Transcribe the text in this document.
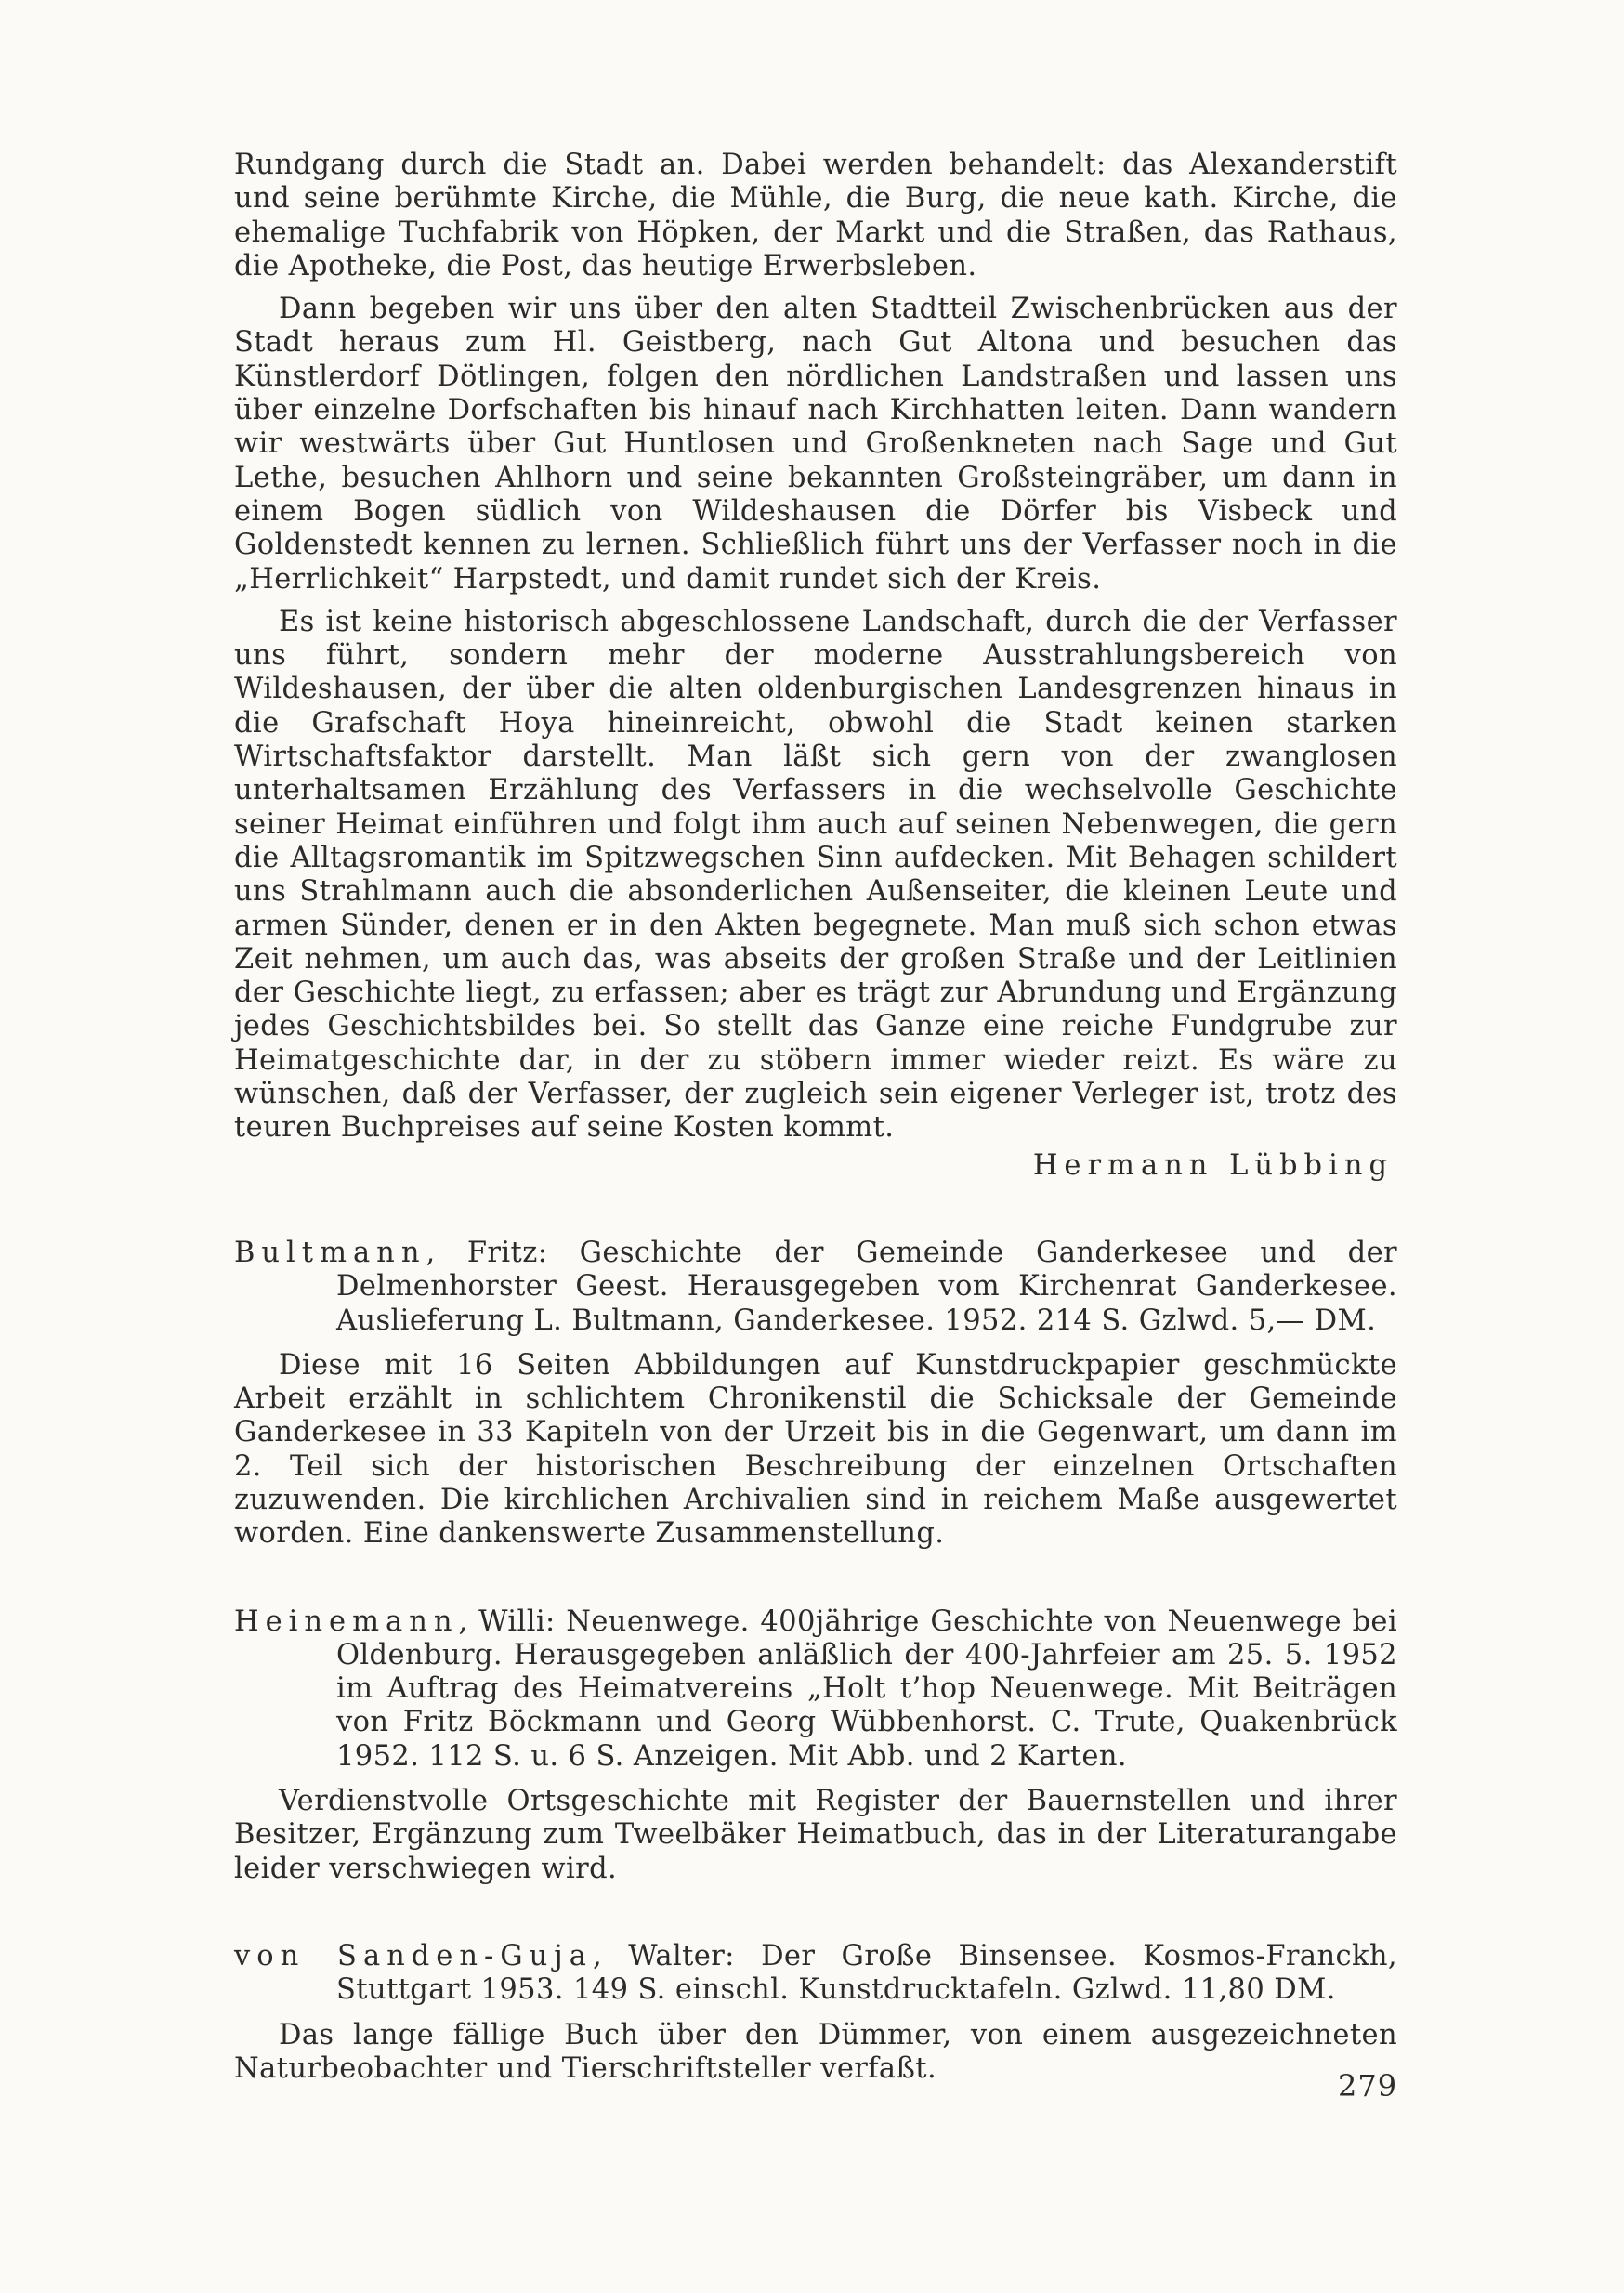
Rundgang durch die Stadt an. Dabei werden behandelt: das Alexanderstift und seine berühmte Kirche, die Mühle, die Burg, die neue kath. Kirche, die ehemalige Tuchfabrik von Höpken, der Markt und die Straßen, das Rathaus, die Apotheke, die Post, das heutige Erwerbsleben.

Dann begeben wir uns über den alten Stadtteil Zwischenbrücken aus der Stadt heraus zum Hl. Geistberg, nach Gut Altona und besuchen das Künstlerdorf Dötlingen, folgen den nördlichen Landstraßen und lassen uns über einzelne Dorfschaften bis hinauf nach Kirchhatten leiten. Dann wandern wir westwärts über Gut Huntlosen und Großenkneten nach Sage und Gut Lethe, besuchen Ahlhorn und seine bekannten Großsteingräber, um dann in einem Bogen südlich von Wildeshausen die Dörfer bis Visbeck und Goldenstedt kennen zu lernen. Schließlich führt uns der Verfasser noch in die „Herrlichkeit“ Harpstedt, und damit rundet sich der Kreis.

Es ist keine historisch abgeschlossene Landschaft, durch die der Verfasser uns führt, sondern mehr der moderne Ausstrahlungsbereich von Wildeshausen, der über die alten oldenburgischen Landesgrenzen hinaus in die Grafschaft Hoya hineinreicht, obwohl die Stadt keinen starken Wirtschaftsfaktor darstellt. Man läßt sich gern von der zwanglosen unterhaltsamen Erzählung des Verfassers in die wechselvolle Geschichte seiner Heimat einführen und folgt ihm auch auf seinen Nebenwegen, die gern die Alltagsromantik im Spitzwegschen Sinn aufdecken. Mit Behagen schildert uns Strahlmann auch die absonderlichen Außenseiter, die kleinen Leute und armen Sünder, denen er in den Akten begegnete. Man muß sich schon etwas Zeit nehmen, um auch das, was abseits der großen Straße und der Leitlinien der Geschichte liegt, zu erfassen; aber es trägt zur Abrundung und Ergänzung jedes Geschichtsbildes bei. So stellt das Ganze eine reiche Fundgrube zur Heimatgeschichte dar, in der zu stöbern immer wieder reizt. Es wäre zu wünschen, daß der Verfasser, der zugleich sein eigener Verleger ist, trotz des teuren Buchpreises auf seine Kosten kommt.

Hermann Lübbing

Bultmann, Fritz: Geschichte der Gemeinde Ganderkesee und der Delmenhorster Geest. Herausgegeben vom Kirchenrat Ganderkesee. Auslieferung L. Bultmann, Ganderkesee. 1952. 214 S. Gzlwd. 5,— DM.

Diese mit 16 Seiten Abbildungen auf Kunstdruckpapier geschmückte Arbeit erzählt in schlichtem Chronikenstil die Schicksale der Gemeinde Ganderkesee in 33 Kapiteln von der Urzeit bis in die Gegenwart, um dann im 2. Teil sich der historischen Beschreibung der einzelnen Ortschaften zuzuwenden. Die kirchlichen Archivalien sind in reichem Maße ausgewertet worden. Eine dankenswerte Zusammenstellung.

Heinemann, Willi: Neuenwege. 400jährige Geschichte von Neuenwege bei Oldenburg. Herausgegeben anläßlich der 400-Jahrfeier am 25. 5. 1952 im Auftrag des Heimatvereins „Holt t’hop Neuenwege. Mit Beiträgen von Fritz Böckmann und Georg Wübbenhorst. C. Trute, Quakenbrück 1952. 112 S. u. 6 S. Anzeigen. Mit Abb. und 2 Karten.

Verdienstvolle Ortsgeschichte mit Register der Bauernstellen und ihrer Besitzer, Ergänzung zum Tweelbäker Heimatbuch, das in der Literaturangabe leider verschwiegen wird.

von Sanden-Guja, Walter: Der Große Binsensee. Kosmos-Franckh, Stuttgart 1953. 149 S. einschl. Kunstdrucktafeln. Gzlwd. 11,80 DM.

Das lange fällige Buch über den Dümmer, von einem ausgezeichneten Naturbeobachter und Tierschriftsteller verfaßt.	279
